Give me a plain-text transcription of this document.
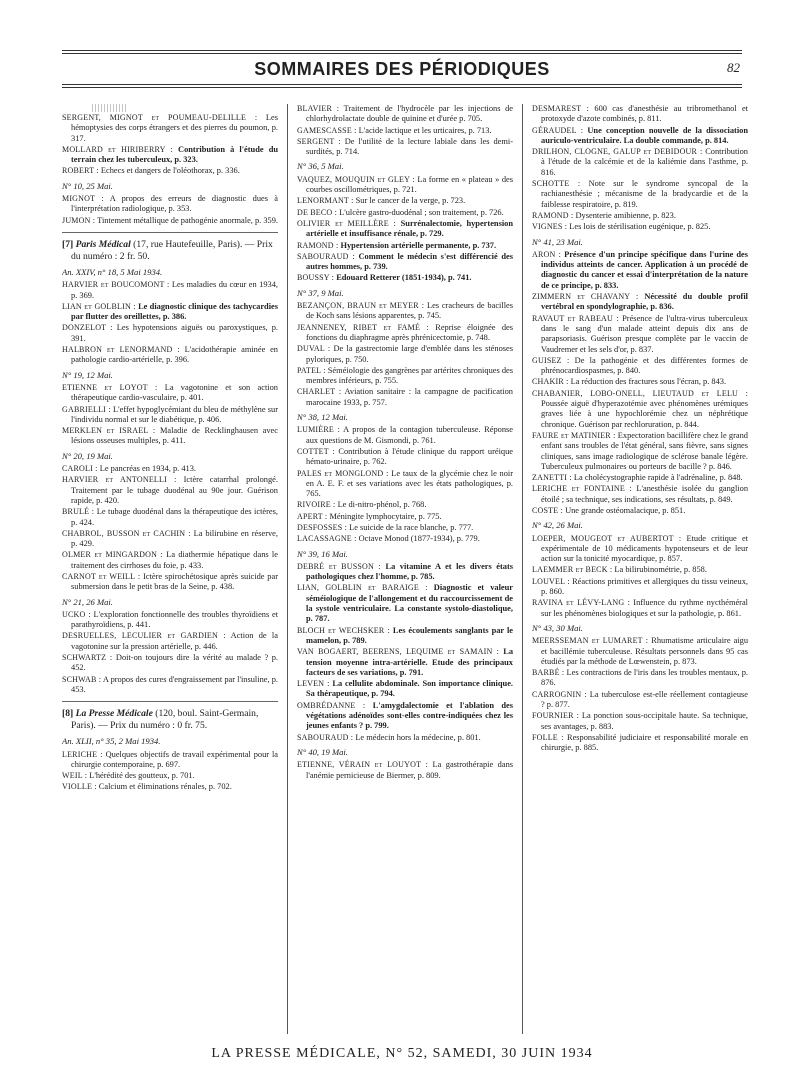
SOMMAIRES DES PÉRIODIQUES	82
SERGENT, MIGNOT et POUMEAU-DELILLE : Les hémoptysies des corps étrangers et des pierres du poumon, p. 317.
MOLLARD et HIRIBERRY : Contribution à l'étude du terrain chez les tuberculeux, p. 323.
ROBERT : Echecs et dangers de l'oléothorax, p. 336.
N° 10, 25 Mai.
MIGNOT : A propos des erreurs de diagnostic dues à l'interprétation radiologique, p. 353.
JUMON : Tintement métallique de pathogénie anormale, p. 359.
[7] Paris Médical (17, rue Hautefeuille, Paris). — Prix du numéro : 2 fr. 50.
An. XXIV, n° 18, 5 Mai 1934.
HARVIER et BOUCOMONT : Les maladies du cœur en 1934, p. 369.
LIAN et GOLBLIN : Le diagnostic clinique des tachycardies par flutter des oreillettes, p. 386.
DONZELOT : Les hypotensions aiguës ou paroxystiques, p. 391.
HALBRON et LENORMAND : L'acidothérapie aminée en pathologie cardio-artérielle, p. 396.
N° 19, 12 Mai.
ETIENNE et LOYOT : La vagotonine et son action thérapeutique cardio-vasculaire, p. 401.
GABRIELLI : L'effet hypoglycémiant du bleu de méthylène sur l'individu normal et sur le diabétique, p. 406.
MERKLEN et ISRAEL : Maladie de Recklinghausen avec lésions osseuses multiples, p. 411.
N° 20, 19 Mai.
CAROLI : Le pancréas en 1934, p. 413.
HARVIER et ANTONELLI : Ictère catarrhal prolongé. Traitement par le tubage duodénal au 90e jour. Guérison rapide, p. 420.
BRULÉ : Le tubage duodénal dans la thérapeutique des ictères, p. 424.
CHABROL, BUSSON et CACHIN : La bilirubine en réserve, p. 429.
OLMER et MINGARDON : La diathermie hépatique dans le traitement des cirrhoses du foie, p. 433.
CARNOT et WEILL : Ictère spirochétosique après suicide par submersion dans le petit bras de la Seine, p. 438.
N° 21, 26 Mai.
UCKO : L'exploration fonctionnelle des troubles thyroïdiens et parathyroïdiens, p. 441.
DESRUELLES, LECULIER et GARDIEN : Action de la vagotonine sur la pression artérielle, p. 446.
SCHWARTZ : Doit-on toujours dire la vérité au malade ? p. 452.
SCHWAB : A propos des cures d'engraissement par l'insuline, p. 453.
[8] La Presse Médicale (120, boul. Saint-Germain, Paris). — Prix du numéro : 0 fr. 75.
An. XLII, n° 35, 2 Mai 1934.
LERICHE : Quelques objectifs de travail expérimental pour la chirurgie contemporaine, p. 697.
WEIL : L'hérédité des goutteux, p. 701.
VIOLLE : Calcium et éliminations rénales, p. 702.
BLAVIER : Traitement de l'hydrocèle par les injections de chlorhydrolactate double de quinine et d'urée p. 705.
GAMESCASSE : L'acide lactique et les urticaires, p. 713.
SERGENT : De l'utilité de la lecture labiale dans les demi-surdités, p. 714.
N° 36, 5 Mai.
VAQUEZ, MOUQUIN et GLEY : La forme en « plateau » des courbes oscillométriques, p. 721.
LENORMANT : Sur le cancer de la verge, p. 723.
DE BECO : L'ulcère gastro-duodénal ; son traitement, p. 726.
OLIVIER et MEILLÈRE : Surrénalectomie, hypertension artérielle et insuffisance rénale, p. 729.
RAMOND : Hypertension artérielle permanente, p. 737.
SABOURAUD : Comment le médecin s'est différencié des autres hommes, p. 739.
BOUSSY : Edouard Retterer (1851-1934), p. 741.
N° 37, 9 Mai.
BEZANÇON, BRAUN et MEYER : Les cracheurs de bacilles de Koch sans lésions apparentes, p. 745.
JEANNENEY, RIBET et FAMÉ : Reprise éloignée des fonctions du diaphragme après phrénicectomie, p. 748.
DUVAL : De la gastrectomie large d'emblée dans les sténoses pyloriques, p. 750.
PATEL : Séméiologie des gangrènes par artérites chroniques des membres inférieurs, p. 755.
CHARLET : Aviation sanitaire : la campagne de pacification marocaine 1933, p. 757.
N° 38, 12 Mai.
LUMIÈRE : A propos de la contagion tuberculeuse. Réponse aux questions de M. Gismondi, p. 761.
COTTET : Contribution à l'étude clinique du rapport uréique hémato-urinaire, p. 762.
PALES et MONGLOND : Le taux de la glycémie chez le noir en A. E. F. et ses variations avec les états pathologiques, p. 765.
RIVOIRE : Le di-nitro-phénol, p. 768.
APERT : Méningite lymphocytaire, p. 775.
DESFOSSES : Le suicide de la race blanche, p. 777.
LACASSAGNE : Octave Monod (1877-1934), p. 779.
N° 39, 16 Mai.
DEBRÉ et BUSSON : La vitamine A et les divers états pathologiques chez l'homme, p. 785.
LIAN, GOLBLIN et BARAIGE : Diagnostic et valeur séméiologique de l'allongement et du raccourcissement de la systole ventriculaire. La constante systolo-diastolique, p. 787.
BLOCH et WECHSKER : Les écoulements sanglants par le mamelon, p. 789.
VAN BOGAERT, BEERENS, LEQUIME et SAMAIN : La tension moyenne intra-artérielle. Etude des principaux facteurs de ses variations, p. 791.
LEVEN : La cellulite abdominale. Son importance clinique. Sa thérapeutique, p. 794.
OMBRÉDANNE : L'amygdalectomie et l'ablation des végétations adénoïdes sont-elles contre-indiquées chez les jeunes enfants ? p. 799.
SABOURAUD : Le médecin hors la médecine, p. 801.
N° 40, 19 Mai.
ETIENNE, VÉRAIN et LOUYOT : La gastrothérapie dans l'anémie pernicieuse de Biermer, p. 809.
DESMAREST : 600 cas d'anesthésie au tribromethanol et protoxyde d'azote combinés, p. 811.
GÉRAUDEL : Une conception nouvelle de la dissociation auriculo-ventriculaire. La double commande, p. 814.
DRILHON, CLOGNE, GALUP et DEBIDOUR : Contribution à l'étude de la calcémie et de la kaliémie dans l'asthme, p. 816.
SCHOTTE : Note sur le syndrome syncopal de la rachianesthésie ; mécanisme de la bradycardie et de la faiblesse respiratoire, p. 819.
RAMOND : Dysenterie amibienne, p. 823.
VIGNES : Les lois de stérilisation eugénique, p. 825.
N° 41, 23 Mai.
ARON : Présence d'un principe spécifique dans l'urine des individus atteints de cancer. Application à un procédé de diagnostic du cancer et essai d'interprétation de la nature de ce principe, p. 833.
ZIMMERN et CHAVANY : Nécessité du double profil vertébral en spondylographie, p. 836.
RAVAUT et RABEAU : Présence de l'ultra-virus tuberculeux dans le sang d'un malade atteint depuis dix ans de parapsoriasis. Guérison presque complète par le vaccin de Vaudremer et les sels d'or, p. 837.
GUISEZ : De la pathogénie et des différentes formes de phrénocardiospasmes, p. 840.
CHAKIR : La réduction des fractures sous l'écran, p. 843.
CHABANIER, LOBO-ONELL, LIEUTAUD et LELU : Poussée aiguë d'hyperazotémie avec phénomènes urémiques graves liée à une hypochlorémie chez un néphrétique chronique. Guérison par rechloruration, p. 844.
FAURE et MATINIER : Expectoration bacillifère chez le grand enfant sans troubles de l'état général, sans fièvre, sans signes cliniques, sans image radiologique de sclérose banale légère. Tuberculeux pulmonaires ou porteurs de bacille ? p. 846.
ZANETTI : La cholécystographie rapide à l'adrénaline, p. 848.
LERICHE et FONTAINE : L'anesthésie isolée du ganglion étoilé ; sa technique, ses indications, ses résultats, p. 849.
COSTE : Une grande ostéomalacique, p. 851.
N° 42, 26 Mai.
LOEPER, MOUGEOT et AUBERTOT : Etude critique et expérimentale de 10 médicaments hypotenseurs et de leur action sur la tonicité myocardique, p. 857.
LAEMMER et BECK : La bilirubinométrie, p. 858.
LOUVEL : Réactions primitives et allergiques du tissu veineux, p. 860.
RAVINA et LÉVY-LANG : Influence du rythme nycthéméral sur les phénomènes biologiques et sur la pathologie, p. 861.
N° 43, 30 Mai.
MEERSSEMAN et LUMARET : Rhumatisme articulaire aigu et bacillémie tuberculeuse. Résultats personnels dans 95 cas étudiés par la méthode de Lœwenstein, p. 873.
BARBÉ : Les contractions de l'iris dans les troubles mentaux, p. 876.
CARROGNIN : La tuberculose est-elle réellement contagieuse ? p. 877.
FOURNIER : La ponction sous-occipitale haute. Sa technique, ses avantages, p. 883.
FOLLE : Responsabilité judiciaire et responsabilité morale en chirurgie, p. 885.
LA PRESSE MÉDICALE, N° 52, SAMEDI, 30 JUIN 1934
